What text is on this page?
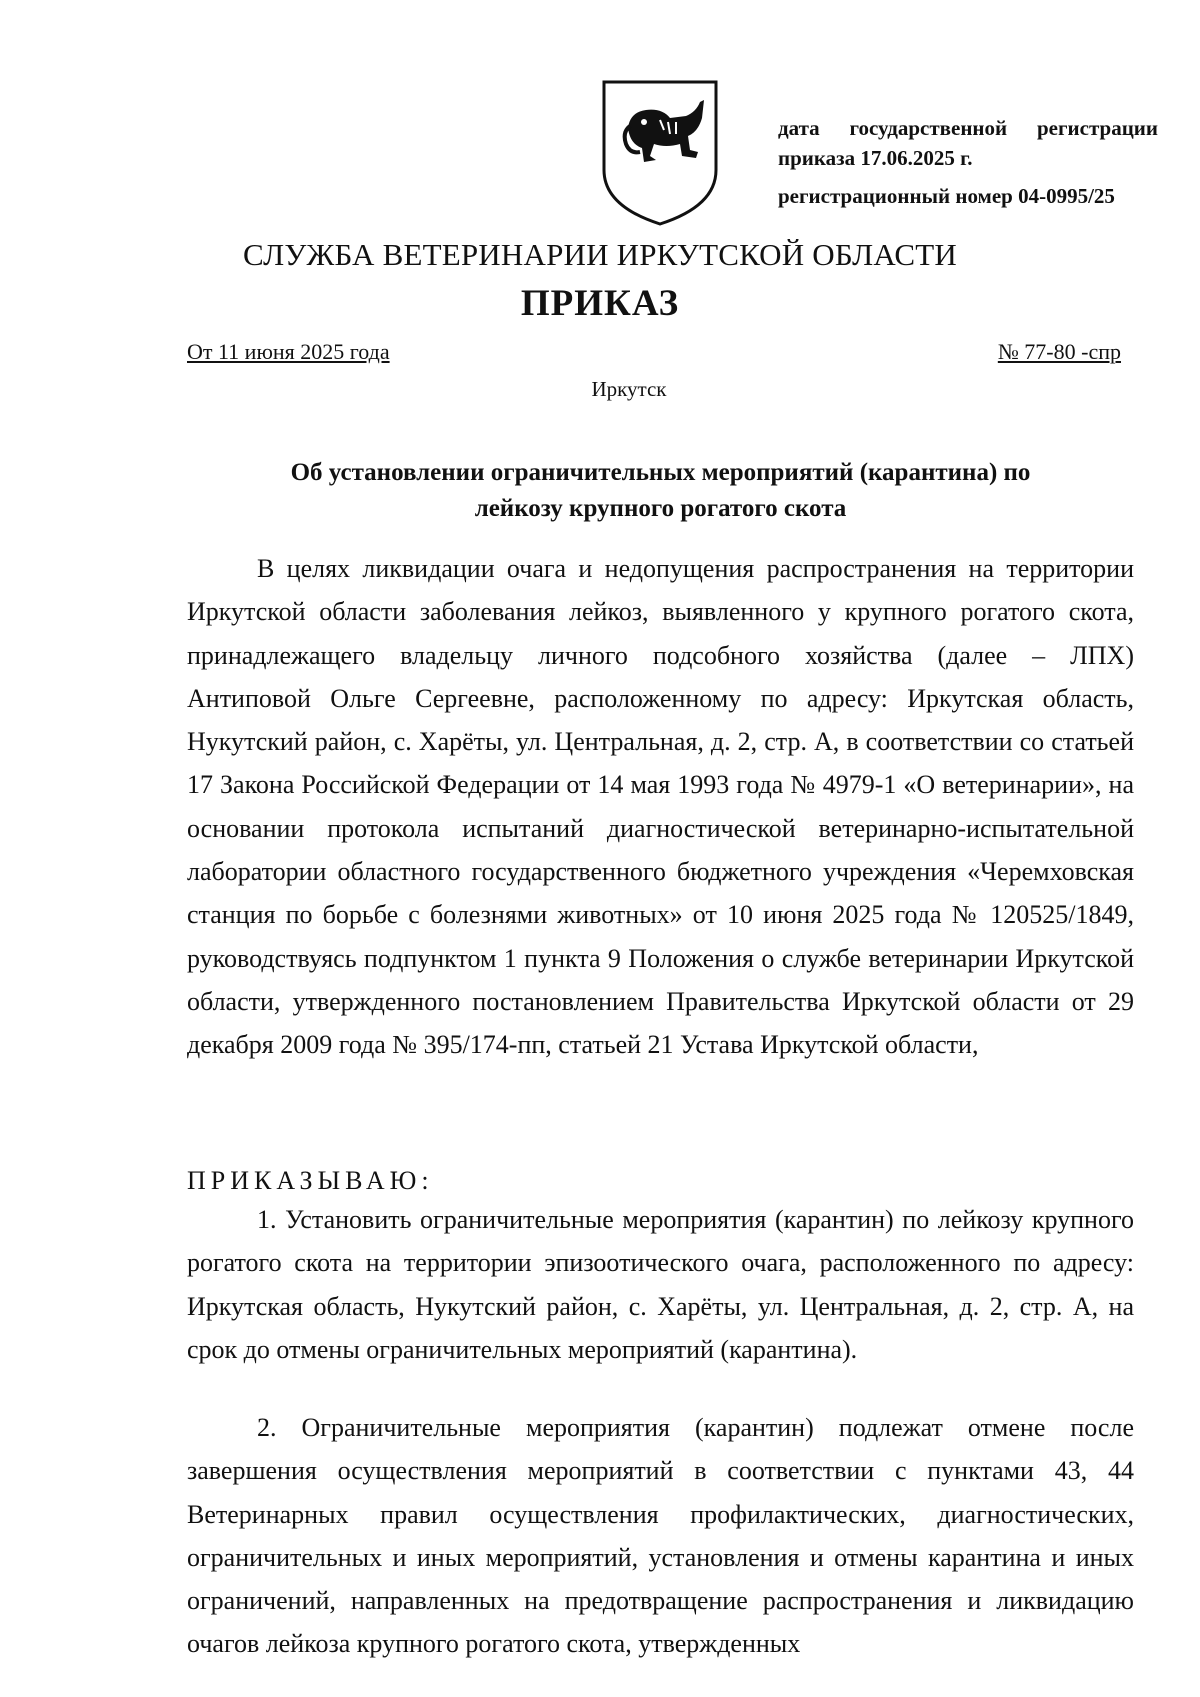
дата государственной регистрации
приказа 17.06.2025 г.
регистрационный номер 04-0995/25
СЛУЖБА ВЕТЕРИНАРИИ ИРКУТСКОЙ ОБЛАСТИ
ПРИКАЗ
От 11 июня 2025 года	№ 77-80 -спр
Иркутск
Об установлении ограничительных мероприятий (карантина) по
лейкозу крупного рогатого скота

В целях ликвидации очага и недопущения распространения на территории Иркутской области заболевания лейкоз, выявленного у крупного рогатого скота, принадлежащего владельцу личного подсобного хозяйства (далее – ЛПХ) Антиповой Ольге Сергеевне, расположенному по адресу: Иркутская область, Нукутский район, с. Харёты, ул. Центральная, д. 2, стр. А, в соответствии со статьей 17 Закона Российской Федерации от 14 мая 1993 года № 4979-1 «О ветеринарии», на основании протокола испытаний диагностической ветеринарно-испытательной лаборатории областного государственного бюджетного учреждения «Черемховская станция по борьбе с болезнями животных» от 10 июня 2025 года № 120525/1849, руководствуясь подпунктом 1 пункта 9 Положения о службе ветеринарии Иркутской области, утвержденного постановлением Правительства Иркутской области от 29 декабря 2009 года № 395/174-пп, статьей 21 Устава Иркутской области,

ПРИКАЗЫВАЮ:

1. Установить ограничительные мероприятия (карантин) по лейкозу крупного рогатого скота на территории эпизоотического очага, расположенного по адресу: Иркутская область, Нукутский район, с. Харёты, ул. Центральная, д. 2, стр. А, на срок до отмены ограничительных мероприятий (карантина).

2. Ограничительные мероприятия (карантин) подлежат отмене после завершения осуществления мероприятий в соответствии с пунктами 43, 44 Ветеринарных правил осуществления профилактических, диагностических, ограничительных и иных мероприятий, установления и отмены карантина и иных ограничений, направленных на предотвращение распространения и ликвидацию очагов лейкоза крупного рогатого скота, утвержденных
